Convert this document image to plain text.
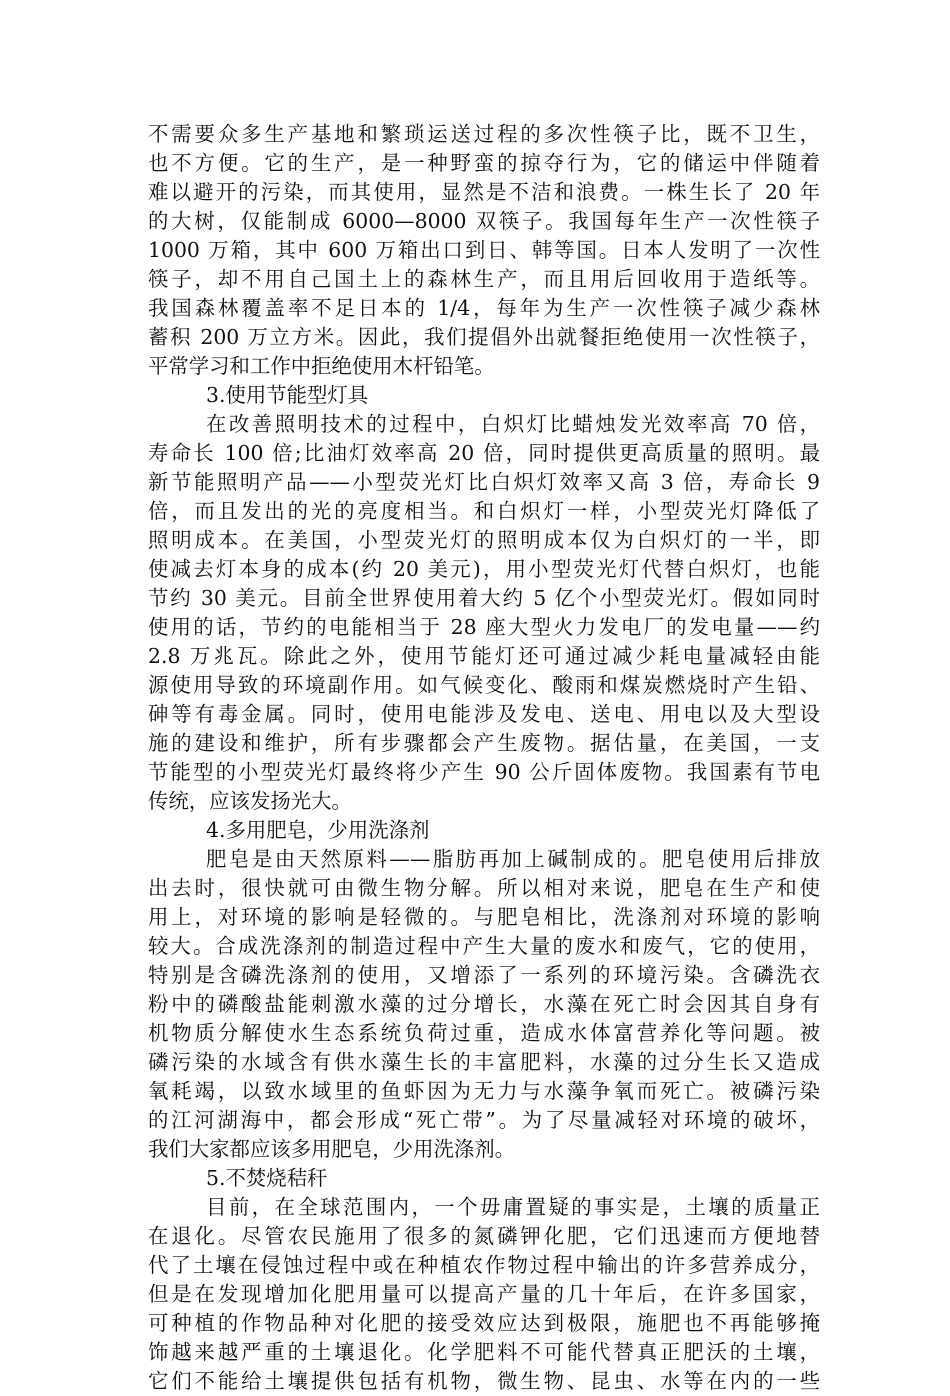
不需要众多生产基地和繁琐运送过程的多次性筷子比，既不卫生，
也不方便。它的生产，是一种野蛮的掠夺行为，它的储运中伴随着
难以避开的污染，而其使用，显然是不洁和浪费。一株生长了 20 年
的大树，仅能制成 6000—8000 双筷子。我国每年生产一次性筷子
1000 万箱，其中 600 万箱出口到日、韩等国。日本人发明了一次性
筷子，却不用自己国土上的森林生产，而且用后回收用于造纸等。
我国森林覆盖率不足日本的 1/4，每年为生产一次性筷子减少森林
蓄积 200 万立方米。因此，我们提倡外出就餐拒绝使用一次性筷子，
平常学习和工作中拒绝使用木杆铅笔。
3.使用节能型灯具
在改善照明技术的过程中，白炽灯比蜡烛发光效率高 70 倍，
寿命长 100 倍;比油灯效率高 20 倍，同时提供更高质量的照明。最
新节能照明产品——小型荧光灯比白炽灯效率又高 3 倍，寿命长 9
倍，而且发出的光的亮度相当。和白炽灯一样，小型荧光灯降低了
照明成本。在美国，小型荧光灯的照明成本仅为白炽灯的一半，即
使减去灯本身的成本(约 20 美元)，用小型荧光灯代替白炽灯，也能
节约 30 美元。目前全世界使用着大约 5 亿个小型荧光灯。假如同时
使用的话，节约的电能相当于 28 座大型火力发电厂的发电量——约
2.8 万兆瓦。除此之外，使用节能灯还可通过减少耗电量减轻由能
源使用导致的环境副作用。如气候变化、酸雨和煤炭燃烧时产生铅、
砷等有毒金属。同时，使用电能涉及发电、送电、用电以及大型设
施的建设和维护，所有步骤都会产生废物。据估量，在美国，一支
节能型的小型荧光灯最终将少产生 90 公斤固体废物。我国素有节电
传统，应该发扬光大。
4.多用肥皂，少用洗涤剂
肥皂是由天然原料——脂肪再加上碱制成的。肥皂使用后排放
出去时，很快就可由微生物分解。所以相对来说，肥皂在生产和使
用上，对环境的影响是轻微的。与肥皂相比，洗涤剂对环境的影响
较大。合成洗涤剂的制造过程中产生大量的废水和废气，它的使用，
特别是含磷洗涤剂的使用，又增添了一系列的环境污染。含磷洗衣
粉中的磷酸盐能刺激水藻的过分增长，水藻在死亡时会因其自身有
机物质分解使水生态系统负荷过重，造成水体富营养化等问题。被
磷污染的水域含有供水藻生长的丰富肥料，水藻的过分生长又造成
氧耗竭，以致水域里的鱼虾因为无力与水藻争氧而死亡。被磷污染
的江河湖海中，都会形成“死亡带”。为了尽量减轻对环境的破坏，
我们大家都应该多用肥皂，少用洗涤剂。
5.不焚烧秸秆
目前，在全球范围内，一个毋庸置疑的事实是，土壤的质量正
在退化。尽管农民施用了很多的氮磷钾化肥，它们迅速而方便地替
代了土壤在侵蚀过程中或在种植农作物过程中输出的许多营养成分，
但是在发现增加化肥用量可以提高产量的几十年后，在许多国家，
可种植的作物品种对化肥的接受效应达到极限，施肥也不再能够掩
饰越来越严重的土壤退化。化学肥料不可能代替真正肥沃的土壤，
它们不能给土壤提供包括有机物，微生物、昆虫、水等在内的一些
